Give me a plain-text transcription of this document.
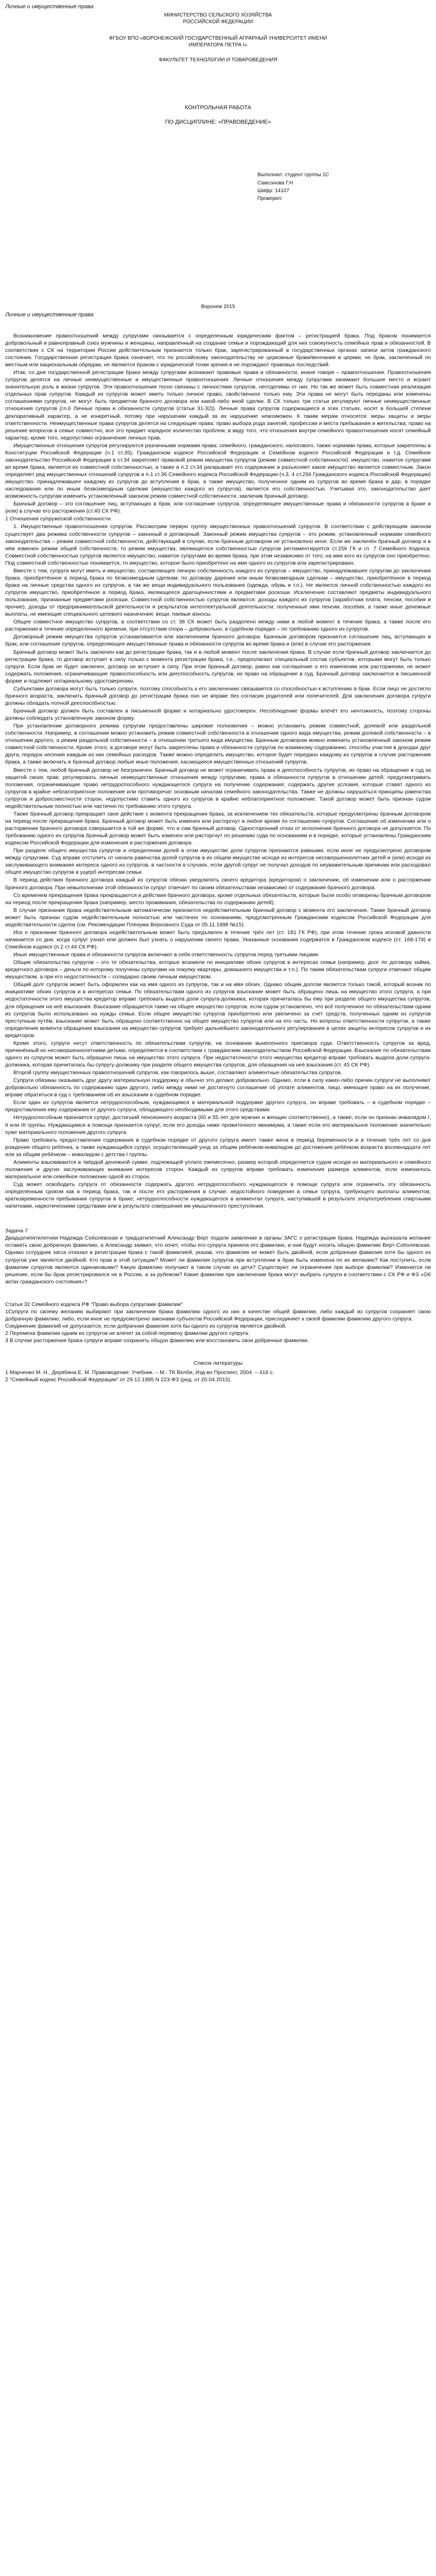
Личные и имущественные права

МИНИСТЕРСТВО СЕЛЬСКОГО ХОЗЯЙСТВА

РОССИЙСКОЙ ФЕДЕРАЦИИ

ФГБОУ ВПО «ВОРОНЕЖСКИЙ ГОСУДАРСТВЕННЫЙ АГРАРНЫЙ УНИВЕРСИТЕТ ИМЕНИ

ИМПЕРАТОРА ПЕТРА I»

ФАКУЛЬТЕТ ТЕХНОЛОГИИ И ТОВАРОВЕДЕНИЯ

КОНТРОЛЬНАЯ РАБОТА

ПО ДИСЦИПЛИНЕ: «ПРАВОВЕДЕНИЕ»

Выполнил: студент группы 1С
Самсонова Г.Н
Шифр: 14107
Проверил:
Воронеж 2015
Личные и имущественные права

Возникновение правоотношений между супругами связывается с определенным юридическим фактом – регистрацией брака. Под браком понимается добровольный и равноправный союз мужчины и женщины, направленный на создание семьи и порождающий для них совокупность семейных прав и обязанностей. В соответствии с СК на территории России действительным признается только брак, зарегистрированный в государственных органах записи актов гражданского состояния. Государственная регистрация брака означает, что по российскому законодательству не церковные браки/венчания в церкви, не брак, заключенный по местным или национальным обрядам, не являются браком с юридической точки зрения и не порождают правовых последствий.

Итак, со дня государственной регистрации брака между супругами возникают правовые права и обязанности, иначе говоря – правоотношения. Правоотношения супругов делятся на личные неимущественные и имущественные правоотношения. Личные отношения между супругами занимают большое место и играют значительную роль в жизни супругов. Эти правоотношения тесно связаны с личностями супругов, неотделимы от них. Но так же может быть совместная реализация отдельных прав супругов. Каждый из супругов может иметь только личное право, свойственное только ему. Эти права не могут быть переданы или изменены соглашениями супругов, не могут быть предметом брачного договора или какой-либо иной сделки. В СК только три статьи регулируют личные неимущественные отношения супругов (гл.6 Личные права и обязанности супругов (статьи 31-32)). Личные права супругов содержащиеся в этих статьях, носят в большей степени декларативный характер, а не конкретный, потому при нарушении каждый за их нарушение невозможен. К таким мерам относятся: меры защиты и меры ответственности. Неимущественные права супругов делятся на следующие права: право выбора рода занятий, профессии и места пребывания и жительства; право на решение вопросов в семье совместно, все это придает изрядное количество проблем, в виду того, что отношения внутри семейного правоотношения носят семейный характер, кроме того, недопустимо ограничение личных прав.

Имущественные отношения супругов регулируются различными нормами права: семейного, гражданского, налогового, также нормами права, которые закреплены в Конституции Российской Федерации (ч.1 ст.35), Гражданском кодексе Российской Федерации и Семейном кодексе Российской Федерации и т.д. Семейное законодательство Российской Федерации в ст.34 закрепляет правовой режим имущества супругов (режим совместной собственности): имущество, нажитое супругами во время брака, является их совместной собственностью, а также в п.2 ст.34 раскрывает его содержание и разъясняет какое имущество является совместным. Закон определяет ряд имущественных отношений супругов в п.1 ст.36 Семейного кодекса Российской Федерации (ч.3, 4 ст.256 Гражданского кодекса Российской Федерации) имущество, принадлежавшее каждому из супругов до вступления в брак, а также имущество, полученное одним из супругов во время брака в дар, в порядке наследования или по иным безвозмездным сделкам (имущество каждого из супругов), является его собственностью. Учитывая это, законодательство дает возможность супругам изменить установленный законом режим совместной собственности, заключив брачный договор.

Брачный договор – это соглашение лиц, вступающих в брак, или соглашение супругов, определяющее имущественные права и обязанности супругов в браке и (или) в случае его расторжения (ст.40 СК РФ).

1 Отношения супружеской собственности.

1. Имущественные правоотношения супругов. Рассмотрим первую группу имущественных правоотношений супругов. В соответствии с действующим законом существует два режима собственности супругов – законный и договорный. Законный режим имущества супругов – это режим, установленный нормами семейного законодательства – режим совместной собственности, действующий в случае, если брачным договором не установлено иное. Если же заключён брачный договор и в нём изменен режим общей собственности, то режим имущества, являющегося собственностью супругов регламентируется ст.256 ГК и гл. 7 Семейного Кодекса. Совместной собственностью супругов является имущество, нажитое супругами во время брака, при этом независимо от того, на имя кого из супругов оно приобретено. Под совместной собственностью понимается, то имущество, которое было приобретено на имя одного из супругов или зарегистрировано.

Вместе с тем, супруги могут иметь и имущество, составляющее личную собственность каждого из супругов – имущество, принадлежавшее супругам до заключения брака, приобретённое в период брака по безвозмездным сделкам, по договору дарения или иным безвозмездным сделкам – имущество, приобретённое в период брака на личные средства одного из супругов, а так же вещи индивидуального пользования (одежда, обувь и т.п.). Не является личной собственностью каждого из супругов имущество, приобретённое в период брака, являющееся драгоценностями и предметами роскоши. Исключение составляют предметы индивидуального пользования, признанные предметами роскоши. Совместной собственностью супругов являются: доходы каждого из супругов (заработная плата, пенсии, пособия и прочие), доходы от предпринимательской деятельности и результатов интеллектуальной деятельности; полученные ими пенсии, пособия, а также иные денежные выплаты, не имеющие специального целевого назначения; вещи, паевые взносы.

Общее совместное имущество супругов, в соответствии со ст. 38 СК может быть разделено между ними в любой момент в течение брака, а также после его расторжения в течение определенного времени, при отсутствии спора – добровольно, в судебном порядке – по требованию одного из супругов.

Договорный режим имущества супругов устанавливается или заключением брачного договора. Брачным договором признается соглашение лиц, вступающих в брак, или соглашение супругов, определяющее имущественные права и обязанности супругов во время брака и (или) в случае его расторжения.

Брачный договор может быть заключен как до регистрации брака, так и в любой момент после заключения брака. В случае если брачный договор заключается до регистрации брака, то договор вступает в силу только с момента регистрации брака, т.е., предполагают специальный состав субъектов, которыми могут быть только супруги. Если брак не будет заключен, договор не вступает в силу. При этом брачный договор, равно как соглашение о его изменении или расторжении, не может содержать положения, ограничивающие правоспособность или дееспособность супругов, их право на обращение в суд. Брачный договор заключается в письменной форме и подлежит нотариальному удостоверению.

Субъектами договора могут быть только супруги, поэтому способность к его заключению связывается со способностью к вступлению в брак. Если лицо не достигло брачного возраста, заключить брачный договор до регистрации брака оно не вправе без согласия родителей или попечителей. Для заключения договора супруги должны обладать полной дееспособностью.

Брачный договор должен быть составлен в письменной форме и нотариально удостоверен. Несоблюдение формы влечёт его ничтожность, поэтому стороны должны соблюдать установленную законом форму.

При установлении договорного режима супругам предоставлены широкие полномочия – можно установить режим совместной, долевой или раздельной собственности. Например, в соглашении можно установить режим совместной собственности в отношении одного вида имущества, режим долевой собственности – в отношении другого, а режим раздельной собственности – в отношении третьего вида имущества. Брачным договором можно изменить установленный законом режим совместной собственности. Кроме этого, в договоре могут быть закреплены права и обязанности супругов по взаимному содержанию, способы участия в доходах друг друга, порядок несения каждым из них семейных расходов. Также можно определить имущество, которое будет передано каждому из супругов в случае расторжения брака, а также включить в брачный договор любые иные положения, касающиеся имущественных отношений супругов.

Вместе с тем, любой брачный договор не безграничен. Брачный договор не может ограничивать права и дееспособность супругов, их право на обращение в суд за защитой своих прав; регулировать личные неимущественные отношения между супругами, права и обязанности супругов в отношении детей; предусматривать положения, ограничивающие право нетрудоспособного нуждающегося супруга на получение содержания; содержать другие условия, которые ставят одного из супругов в крайне неблагоприятное положение или противоречат основным началам семейного законодательства. Также не должны нарушаться принципы равенства супругов и добросовестности сторон, недопустимо ставить одного из супругов в крайне неблагоприятное положение. Такой договор может быть признан судом недействительным полностью или частично по требованию этого супруга.

Также брачный договор прекращает свое действие с момента прекращения брака, за исключением тех обязательств, которые предусмотрены брачным договором на период после прекращения брака. Брачный договор может быть изменен или расторгнут в любое время по соглашению супругов. Соглашение об изменении или о расторжении брачного договора совершается в той же форме, что и сам брачный договор. Односторонний отказ от исполнения брачного договора не допускается. По требованию одного из супругов брачный договор может быть изменен или расторгнут по решению суда по основаниям и в порядке, которые установлены Гражданским кодексом Российской Федерации для изменения и расторжения договора.

При разделе общего имущества супругов и определении долей в этом имуществе доли супругов признаются равными, если иное не предусмотрено договором между супругами. Суд вправе отступить от начала равенства долей супругов в их общем имуществе исходя из интересов несовершеннолетних детей и (или) исходя из заслуживающего внимания интереса одного из супругов, в частности в случаях, если другой супруг не получал доходов по неуважительным причинам или расходовал общее имущество супругов в ущерб интересам семьи.

В период действия брачного договора каждый из супругов обязан уведомлять своего кредитора (кредиторов) о заключении, об изменении или о расторжении брачного договора. При невыполнении этой обязанности супруг отвечает по своим обязательствам независимо от содержания брачного договора.

Со временем прекращения брака прекращаются и действия брачного договора, кроме отдельных обязательств, которые были особо оговорены брачным договором на период после прекращения брака (например, место проживания, обязательства по содержанию детей).

В случае признания брака недействительным автоматически признается недействительным брачный договор с момента его заключения. Также брачный договор может быть признан судом недействительным полностью или частично по основаниям, предусмотренным Гражданским кодексом Российской Федерации для недействительности сделок (см. Рекомендации Пленума Верховного Суда от 05.11.1998 №15).

Иск о признании брачного договора недействительным может быть предъявлен в течение трёх лет (ст. 181 ГК РФ), при этом течение срока исковой давности начинается со дня, когда супруг узнал или должен был узнать о нарушении своего права. Указанные основания содержатся в Гражданском кодексе (ст. 168-179) и Семейном кодексе (п.2 ст.44 СК РФ).

Иные имущественные права и обязанности супругов включают в себя ответственность супругов перед третьими лицами.

Общие обязательства супругов – это те обязательства, которые возникли по инициативе обоих супругов в интересах семьи (например, долг по договору займа, кредитного договора – деньги по которому получены супругами на покупку квартиры, домашнего имущества и т.п.). По таким обязательствам супруги отвечают общим имуществом, а при его недостаточности – солидарно своим личным имуществом.

Общий долг супругов может быть оформлен как на имя одного из супругов, так и на имя обоих. Однако общим долгом является только такой, который возник по инициативе обоих супругов и в интересах семьи. По обязательствам одного из супругов взыскание может быть обращено лишь на имущество этого супруга, а при недостаточности этого имущества кредитор вправе требовать выдела доли супруга-должника, которая причиталась бы ему при разделе общего имущества супругов, для обращения на неё взыскания. Взыскание обращается также на общее имущество супругов, если судом установлено, что всё полученное по обязательствам одним из супругов было использовано на нужды семьи. Если общее имущество супругов приобретено или увеличено за счёт средств, полученных одним из супругов преступным путём, взыскание может быть обращено соответственно на общее имущество супругов или на его часть. Но вопросы ответственности супругов, а также определения момента обращения взыскания на имущество супругов требуют дальнейшего законодательного регулирования в целях защиты интересов супругов и их кредиторов.

Кроме этого, супруги несут ответственность по обязательствам супругов, на основании вынесенного приговора суда. Ответственность супругов за вред, причинённый их несовершеннолетними детьми, определяется в соответствии с гражданским законодательством Российской Федерации. Взыскание по обязательствам одного из супругов может быть обращено лишь на имущество этого супруга. При недостаточности этого имущества кредитор вправе требовать выдела доли супруга-должника, которая причиталась бы супругу-должнику при разделе общего имущества супругов, для обращения на неё взыскания (ст. 45 СК РФ).

Второй группу имущественных правоотношений супругов, как говорилось выше, составляют алиментные обязательства супругов.

Супруги обязаны оказывать друг другу материальную поддержку и обычно это делают добровольно. Однако, если в силу каких-либо причин супруги не выполняют добровольно обязанность по содержанию один другого, либо между ними не достигнуто соглашение об уплате алиментов, лицо, имеющее право на их получение, вправе обратиться в суд с требованием об их взыскании в судебном порядке.

Если один из супругов является нетрудоспособным, нуждающимся в материальной поддержке другого супруга, он вправе требовать – в судебном порядке – предоставления ему содержания от другого супруга, обладающего необходимыми для этого средствами.

Нетрудоспособным признается супруг, достигший пенсионного возраста (60 и 55 лет для мужчин и женщин соответственно), а также, если он признан инвалидом I, II или III группы. Нуждающимся в помощи признается супруг, если его доходы ниже прожиточного минимума, а также если его материальное положение значительно хуже материального положения другого супруга.

Право требовать предоставления содержания в судебном порядке от другого супруга имеет также жена в период беременности и в течение трёх лет со дня рождения общего ребёнка, а также нуждающийся супруг, осуществляющий уход за общим ребёнком-инвалидом до достижения ребёнком возраста восемнадцати лет или за общим ребёнком – инвалидом с детства I группы.

Алименты взыскиваются в твёрдой денежной сумме, подлежащей уплате ежемесячно, размер которой определяется судом исходя из материального и семейного положения и других заслуживающих внимания интересов сторон. Каждый из супругов вправе требовать изменения размера алиментов, если изменилось материальное или семейное положение одной из сторон.

Суд может освободить супруга от обязанности содержать другого нетрудоспособного нуждающегося в помощи супруга или ограничить эту обязанность определённым сроком как в период брака, так и после его расторжения в случае: недостойного поведения в семье супруга, требующего выплаты алиментов; кратковременности пребывания супругов в браке; нетрудоспособности нуждающегося в алиментах супруга, наступившей в результате злоупотребления спиртными напитками, наркотическими средствами или в результате совершения им умышленного преступления.

Задача 7

Двадцатипятилетняя Надежда Соболевская и тридцатилетний Александр Верт подали заявление в органы ЗАГС о регистрации брака. Надежда высказала желание оставить свою добрачную фамилию, а Александр заявил, что хочет, чтобы его супруга приняла его фамилию, и они будут носить общую фамилию Верт-Соболевская. Однако сотрудник загса отказал в регистрации брака с такой фамилией, указав, что фамилия не может быть двойной, если добрачная фамилия хотя бы одного из супругов уже является двойной. Кто прав в этой ситуации? Может ли фамилия супругов при вступлении в брак быть изменена по их желанию? Как поступить, если фамилии супругов являются одинаковыми? Какую фамилию получают в таком случае их дети? Существуют ли ограничения при выборе фамилии? Изменится ли решение, если бы брак регистрировался не в России, а за рубежом? Какие фамилии при заключении брака могут выбрать супруги в соответствии с СК РФ и ФЗ «Об актах гражданского состояния»?

Статья 32 Семейного кодекса РФ "Право выбора супругами фамилии"

1Супруги по своему желанию выбирают при заключении брака фамилию одного из них в качестве общей фамилии, либо каждый из супругов сохраняет свою добрачную фамилию, либо, если иное не предусмотрено законами субъектов Российской Федерации, присоединяет к своей фамилии фамилию другого супруга.

Соединение фамилий не допускается, если добрачная фамилия хотя бы одного из супругов является двойной.

2 Перемена фамилии одним из супругов не влечет за собой перемену фамилии другого супруга.

3 В случае расторжения брака супруги вправе сохранить общую фамилию или восстановить свои добрачные фамилии.

Список литературы

1 Марченко М. Н., Дерябина Е. М. Правоведение: Учебник. – М.: ТК Велби, Изд-во Проспект, 2004. – 416 с.

2 "Семейный кодекс Российской Федерации" от 29.12.1995 N 223-ФЗ (ред. от 20.04.2015).
